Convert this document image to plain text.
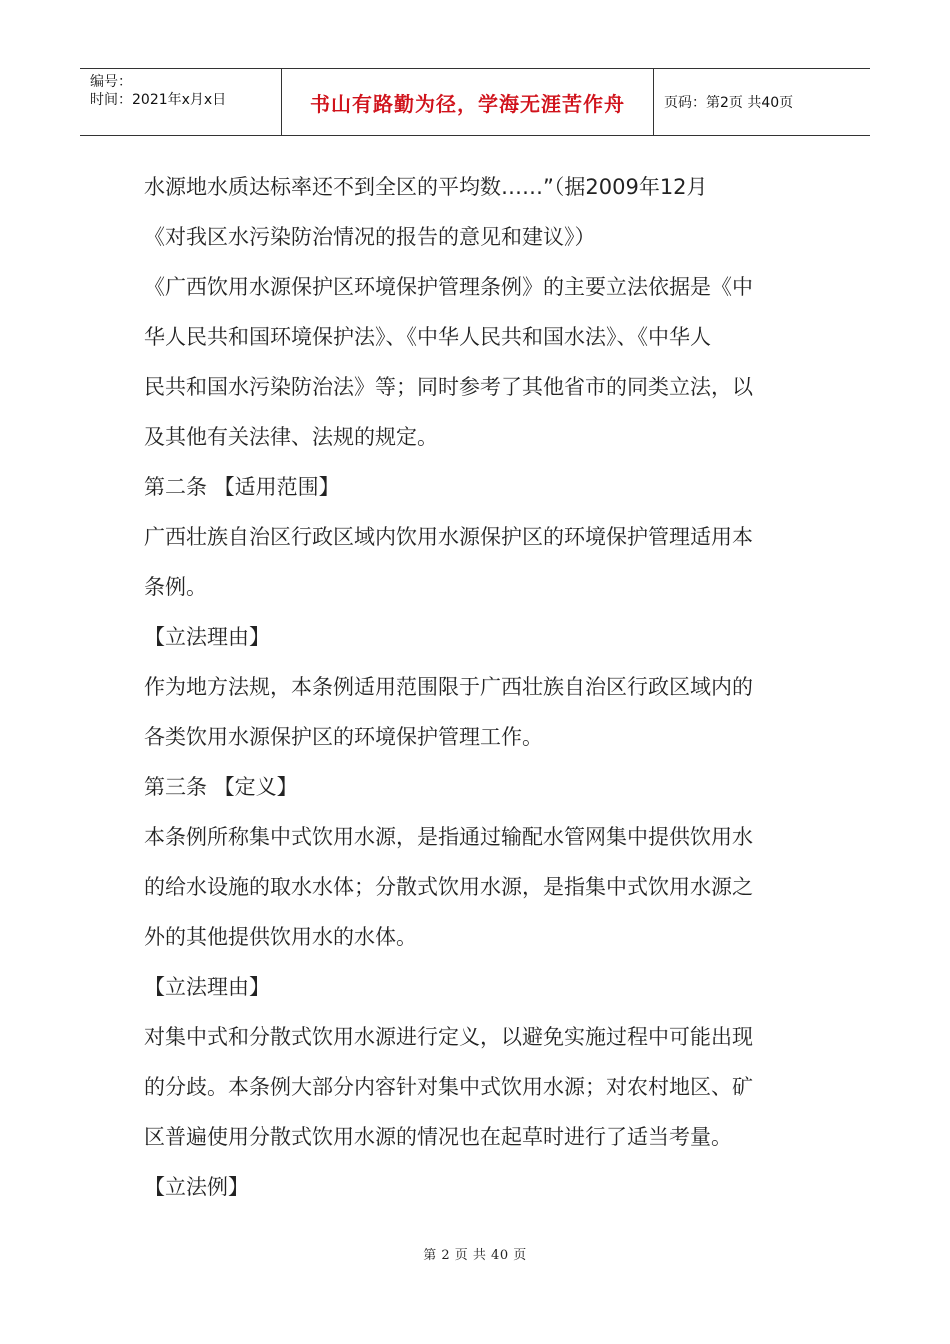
编号：
时间：2021年x月x日	书山有路勤为径，学海无涯苦作舟	页码：第2页 共40页
水源地水质达标率还不到全区的平均数……”（据2009年12月
《对我区水污染防治情况的报告的意见和建议》）
《广西饮用水源保护区环境保护管理条例》的主要立法依据是《中
华人民共和国环境保护法》、《中华人民共和国水法》、《中华人
民共和国水污染防治法》等；同时参考了其他省市的同类立法，以
及其他有关法律、法规的规定。
第二条 【适用范围】
广西壮族自治区行政区域内饮用水源保护区的环境保护管理适用本
条例。
【立法理由】
作为地方法规，本条例适用范围限于广西壮族自治区行政区域内的
各类饮用水源保护区的环境保护管理工作。
第三条 【定义】
本条例所称集中式饮用水源，是指通过输配水管网集中提供饮用水
的给水设施的取水水体；分散式饮用水源，是指集中式饮用水源之
外的其他提供饮用水的水体。
【立法理由】
对集中式和分散式饮用水源进行定义，以避免实施过程中可能出现
的分歧。本条例大部分内容针对集中式饮用水源；对农村地区、矿
区普遍使用分散式饮用水源的情况也在起草时进行了适当考量。
【立法例】
第 2 页 共 40 页
